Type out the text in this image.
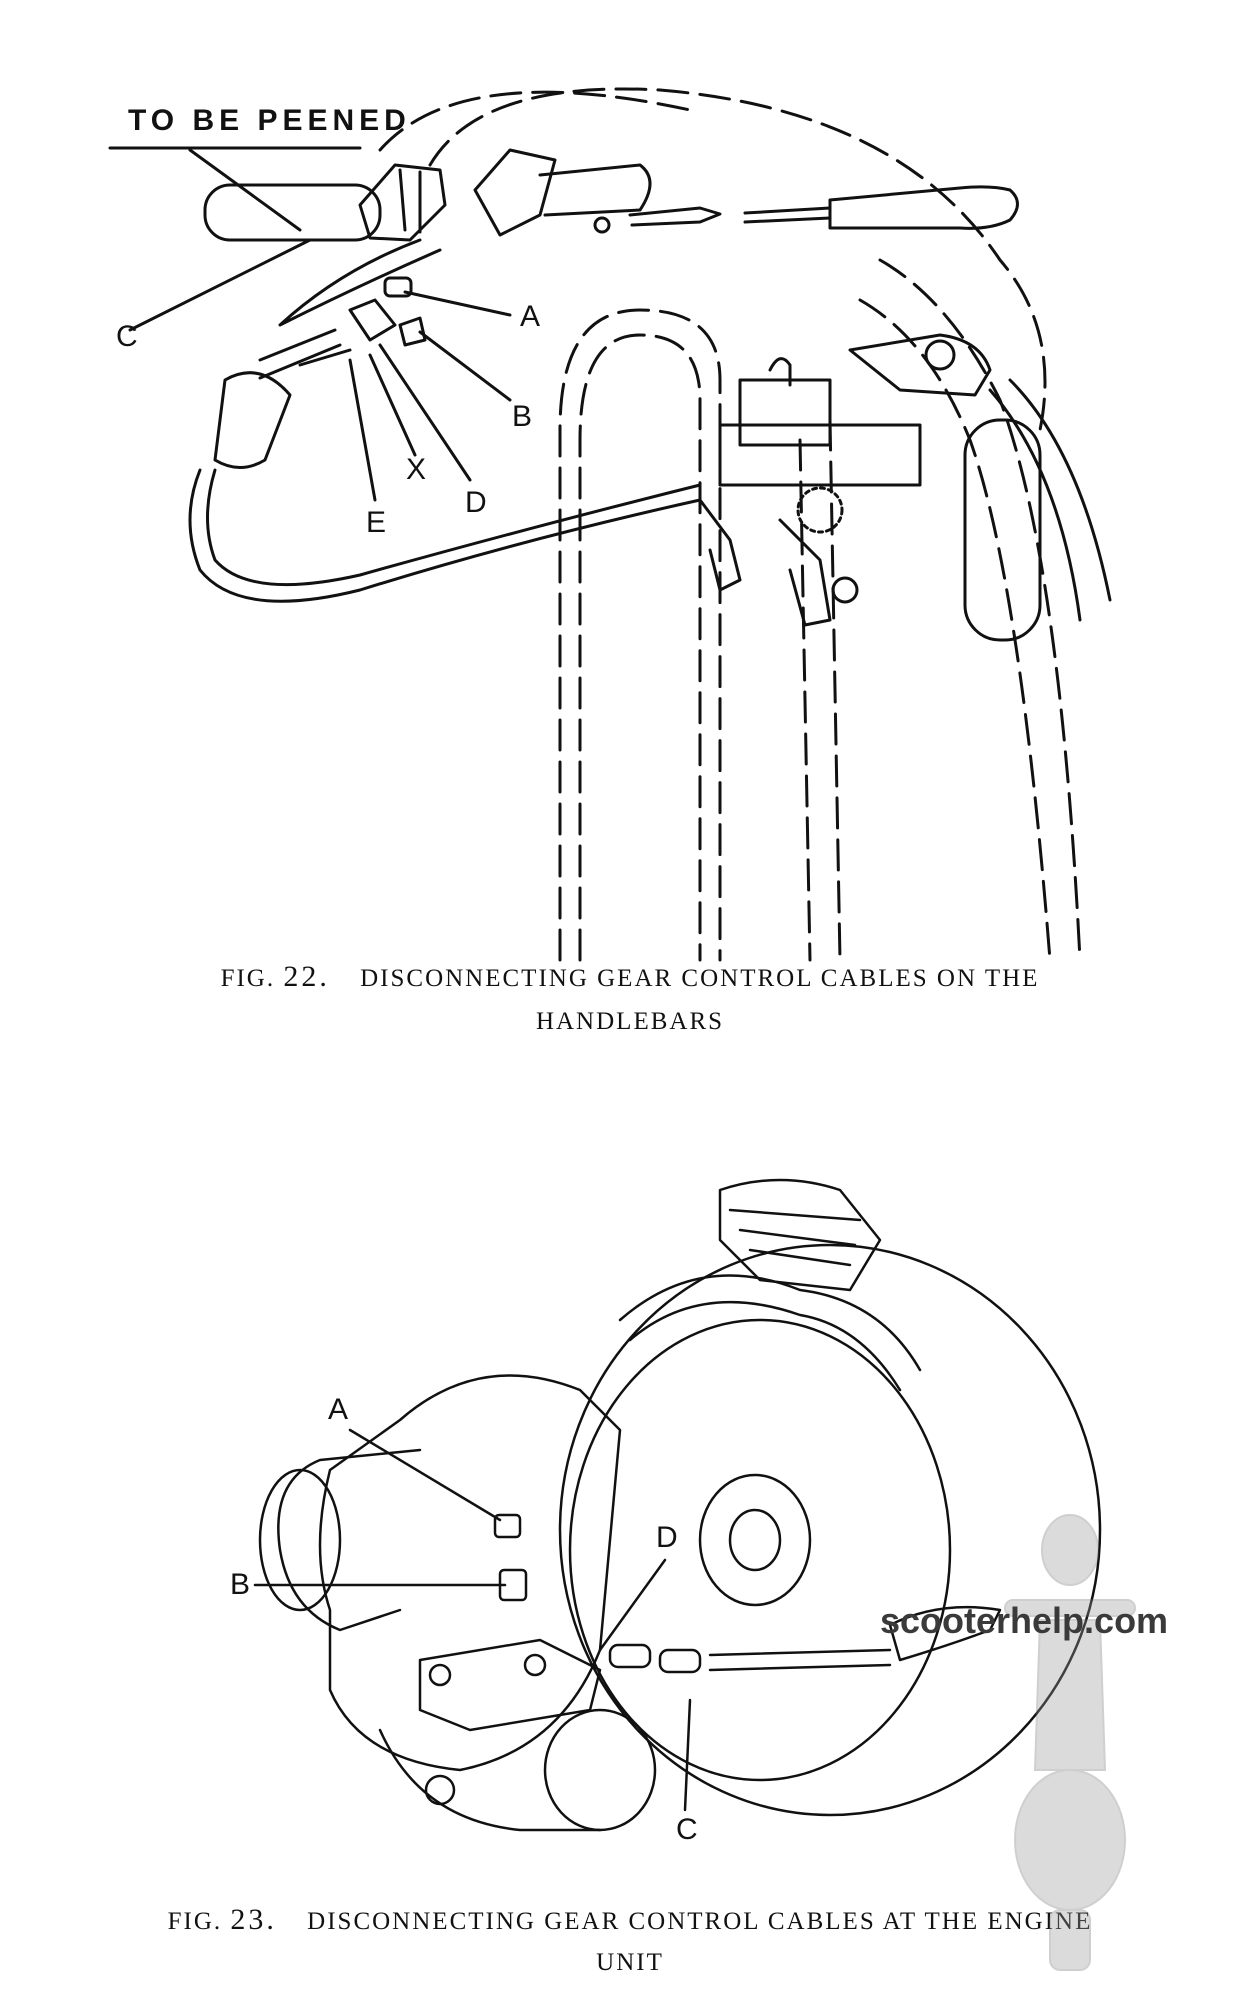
TO BE PEENED
C
A
B
X
D
E
FIG. 22. DISCONNECTING GEAR CONTROL CABLES ON THE
HANDLEBARS
A
B
D
C
FIG. 23. DISCONNECTING GEAR CONTROL CABLES AT THE ENGINE
UNIT
scooterhelp.com
